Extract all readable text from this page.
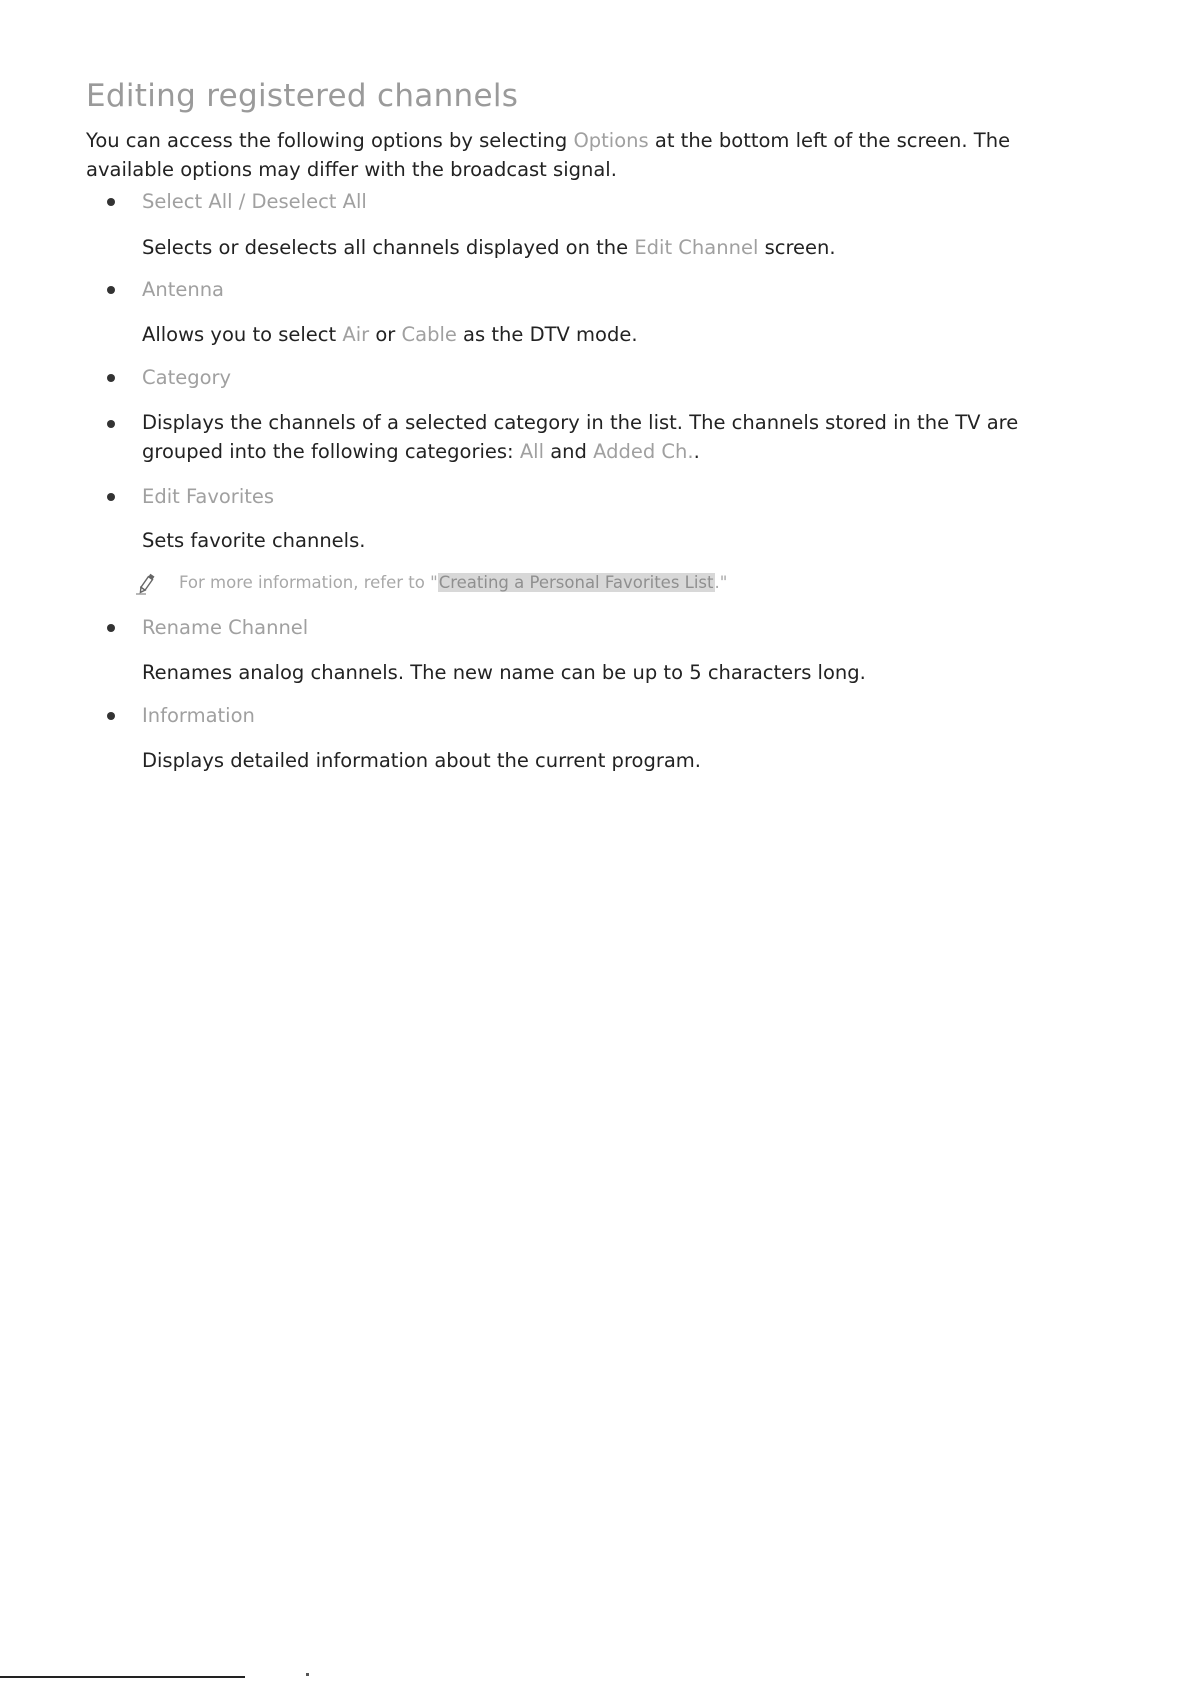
Editing registered channels

You can access the following options by selecting Options at the bottom left of the screen. The available options may differ with the broadcast signal.

Select All / Deselect All

Selects or deselects all channels displayed on the Edit Channel screen.

Antenna

Allows you to select Air or Cable as the DTV mode.

Category

Displays the channels of a selected category in the list. The channels stored in the TV are grouped into the following categories: All and Added Ch..

Edit Favorites

Sets favorite channels.

For more information, refer to "Creating a Personal Favorites List."

Rename Channel

Renames analog channels. The new name can be up to 5 characters long.

Information

Displays detailed information about the current program.
